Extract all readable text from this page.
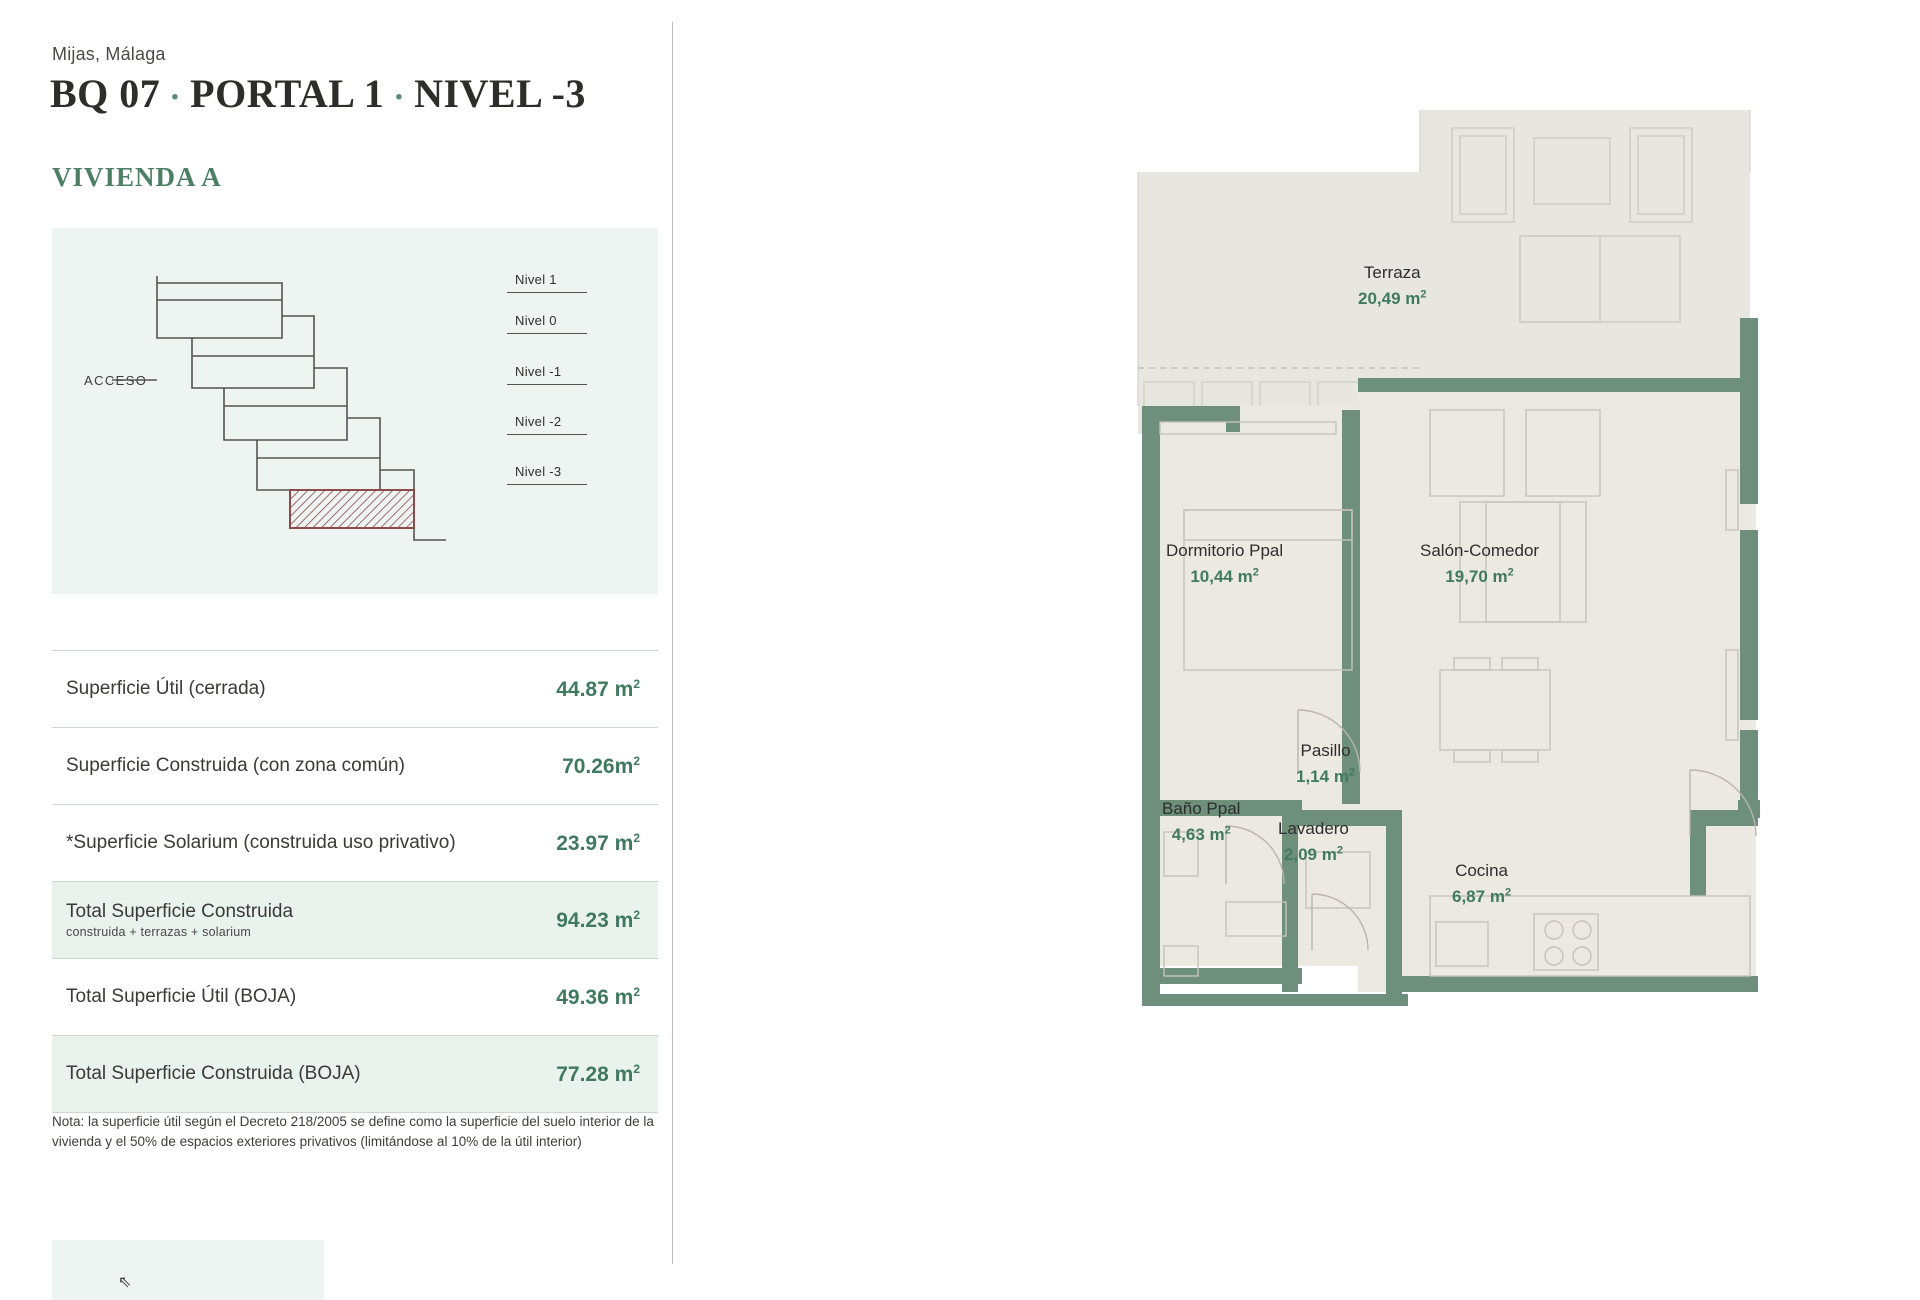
Mijas, Málaga
BQ 07 · PORTAL 1 · NIVEL -3
VIVIENDA A
ACCESO
Nivel 1
Nivel 0
Nivel -1
Nivel -2
Nivel -3
Superficie Útil (cerrada)	44.87 $m^2$
Superficie Construida (con zona común)	$70.26m^2$
*Superficie Solarium (construida uso privativo)	23.97 $m^2$
Total Superficie Construida
construida + terrazas + solarium
94.23 $m^2$
Total Superficie Útil (BOJA)	49.36 $m^2$
Total Superficie Construida (BOJA)	77.28 $m^2$
Nota: la superficie útil según el Decreto 218/2005 se define como la superficie del suelo interior de la vivienda y el 50% de espacios exteriores privativos (limitándose al 10% de la útil interior)
⇖
Terraza
20,49 $m^2$
Dormitorio Ppal
10,44 $m^2$
Salón-Comedor
19,70 $m^2$
Pasillo
1,14 $m^2$
Baño Ppal
4,63 $m^2$	Lavadero
2,09 $m^2$
Cocina
6,87 $m^2$
